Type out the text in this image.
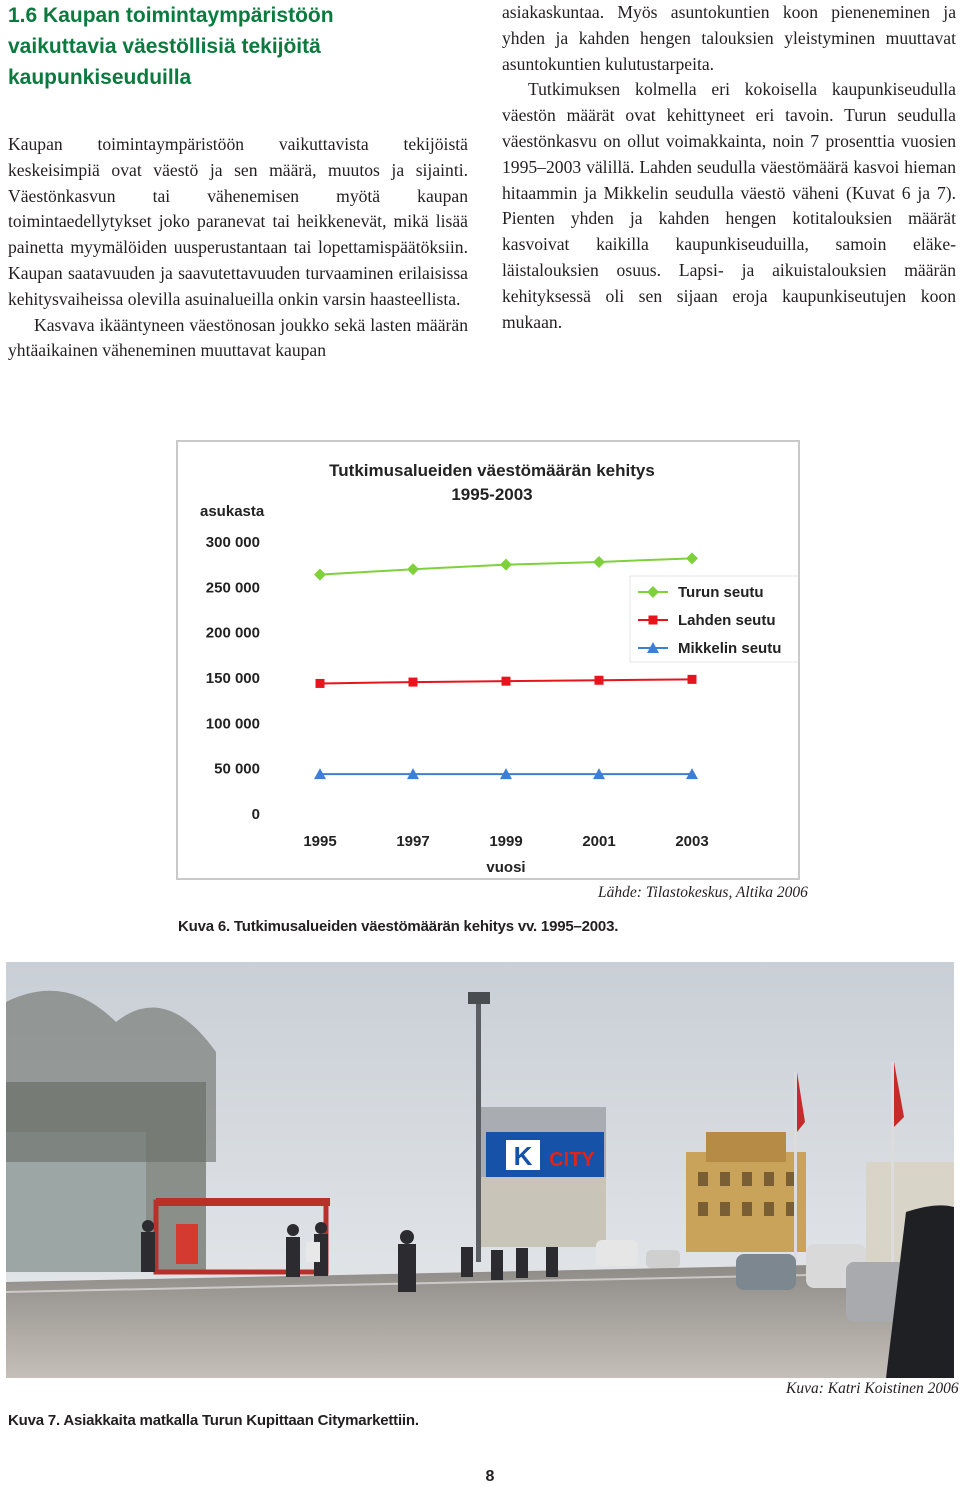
1.6 Kaupan toimintaympäristöön
vaikuttavia väestöllisiä tekijöitä
kaupunkiseuduilla

Kaupan toimintaympäristöön vaikuttavista tekijöistä keskeisimpiä ovat väestö ja sen määrä, muutos ja sijainti. Väestönkasvun tai vähenemisen myötä kaupan toimintaedellytykset joko paranevat tai heikkenevät, mikä lisää painetta myymälöiden uusperustantaan tai lopettamispäätöksiin. Kaupan saatavuuden ja saavutettavuuden turvaaminen erilaisissa kehitysvaiheissa olevilla asuinalueilla onkin varsin haasteellista.

Kasvava ikääntyneen väestönosan joukko sekä lasten määrän yhtäaikainen väheneminen muuttavat kaupan

asiakaskuntaa. Myös asuntokuntien koon pieneneminen ja yhden ja kahden hengen talouksien yleistyminen muuttavat asuntokuntien kulutustarpeita.

Tutkimuksen kolmella eri kokoisella kaupunkiseudulla väestön määrät ovat kehittyneet eri tavoin. Turun seudulla väestönkasvu on ollut voimakkainta, noin 7 prosenttia vuosien 1995–2003 välillä. Lahden seudulla väestömäärä kasvoi hieman hitaammin ja Mikkelin seudulla väestö väheni (Kuvat 6 ja 7). Pienten yhden ja kahden hengen kotitalouksien määrät kasvoivat kaikilla kaupunkiseuduilla, samoin eläkeläistalouksien osuus. Lapsi- ja aikuistalouksien määrän kehityksessä oli sen sijaan eroja kaupunkiseutujen koon mukaan.

Tutkimusalueiden väestömäärän kehitys
1995-2003
asukasta
vuosi
0
50 000
100 000
150 000
200 000
250 000
300 000
1995	1997	1999	2001	2003
Turun seutu
Lahden seutu
Mikkelin seutu
Lähde: Tilastokeskus, Altika 2006
Kuva 6. Tutkimusalueiden väestömäärän kehitys vv. 1995–2003.
K CITY
Kuva 7. Asiakkaita matkalla Turun Kupittaan Citymarkettiin.
Kuva: Katri Koistinen 2006
8
